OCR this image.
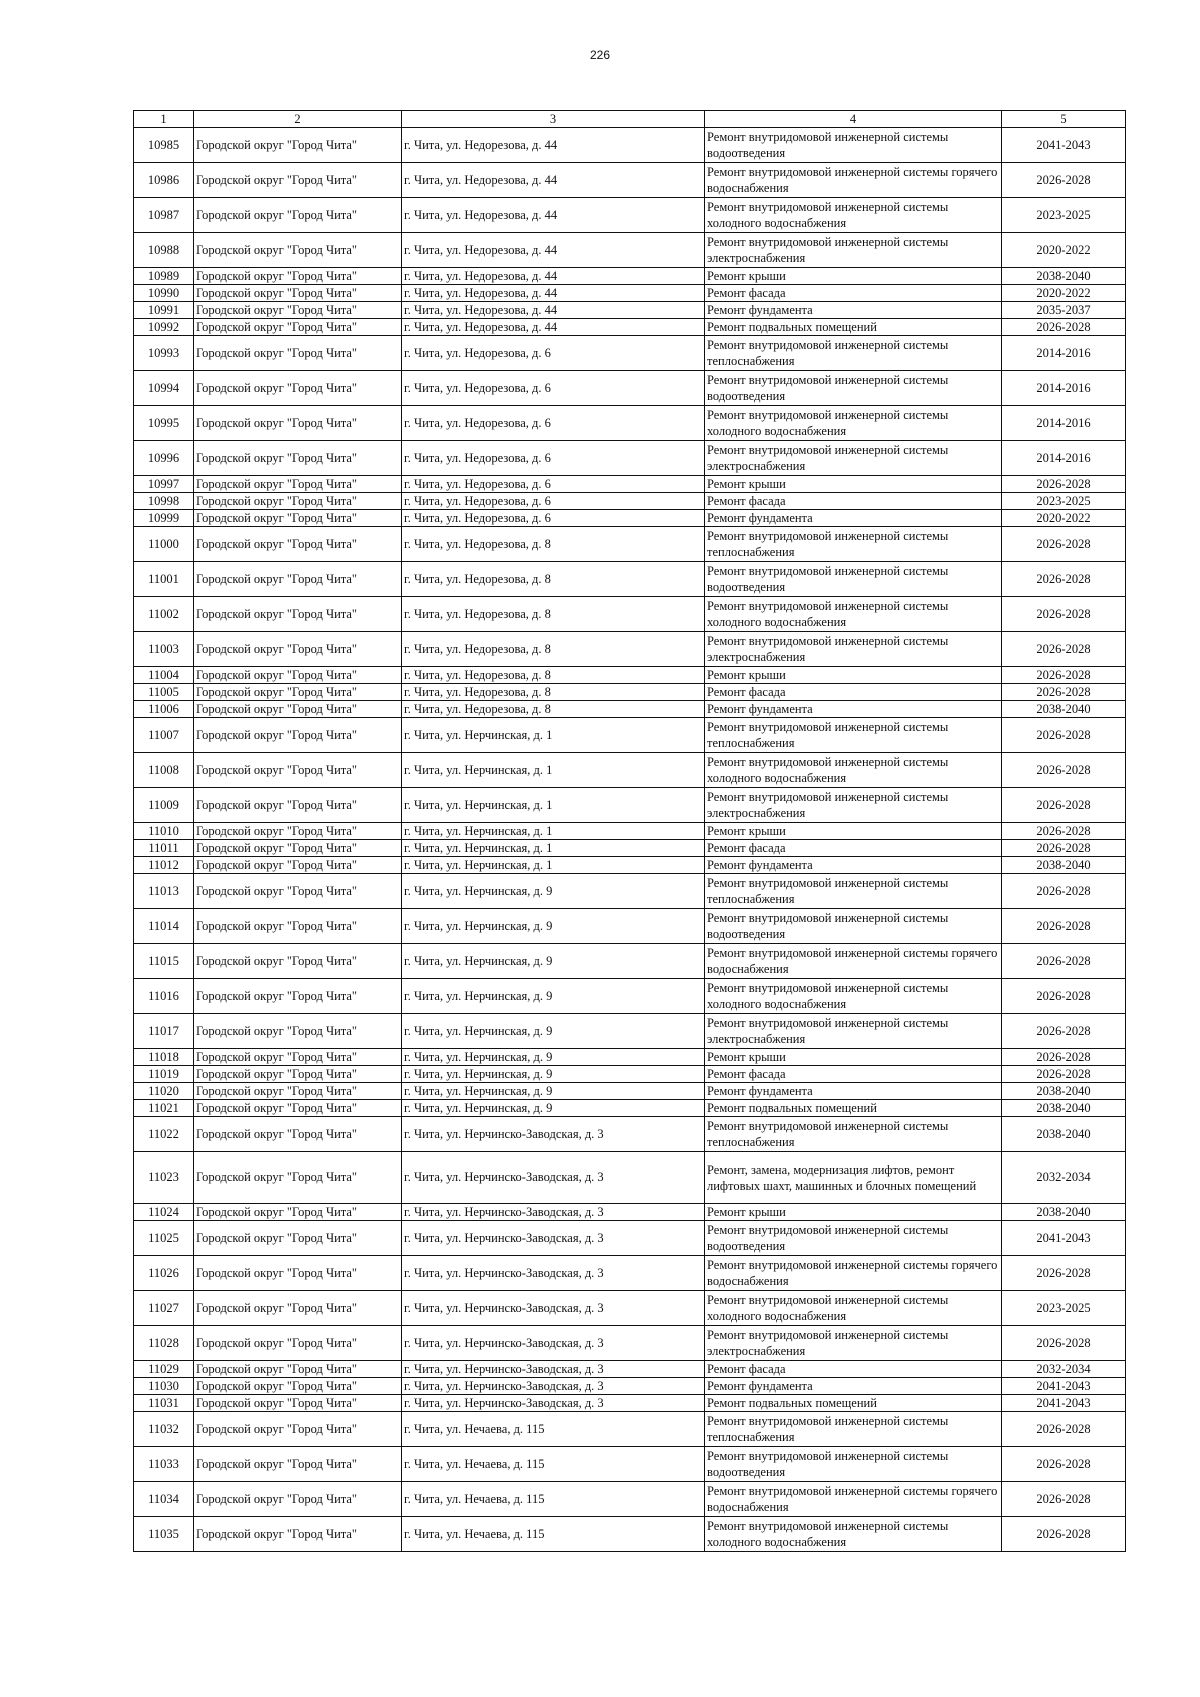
226
1	2	3	4	5
10985	Городской округ "Город Чита"	г. Чита, ул. Недорезова, д. 44	Ремонт внутридомовой инженерной системы водоотведения	2041-2043
10986	Городской округ "Город Чита"	г. Чита, ул. Недорезова, д. 44	Ремонт внутридомовой инженерной системы горячего водоснабжения	2026-2028
10987	Городской округ "Город Чита"	г. Чита, ул. Недорезова, д. 44	Ремонт внутридомовой инженерной системы холодного водоснабжения	2023-2025
10988	Городской округ "Город Чита"	г. Чита, ул. Недорезова, д. 44	Ремонт внутридомовой инженерной системы электроснабжения	2020-2022
10989	Городской округ "Город Чита"	г. Чита, ул. Недорезова, д. 44	Ремонт крыши	2038-2040
10990	Городской округ "Город Чита"	г. Чита, ул. Недорезова, д. 44	Ремонт фасада	2020-2022
10991	Городской округ "Город Чита"	г. Чита, ул. Недорезова, д. 44	Ремонт фундамента	2035-2037
10992	Городской округ "Город Чита"	г. Чита, ул. Недорезова, д. 44	Ремонт подвальных помещений	2026-2028
10993	Городской округ "Город Чита"	г. Чита, ул. Недорезова, д. 6	Ремонт внутридомовой инженерной системы теплоснабжения	2014-2016
10994	Городской округ "Город Чита"	г. Чита, ул. Недорезова, д. 6	Ремонт внутридомовой инженерной системы водоотведения	2014-2016
10995	Городской округ "Город Чита"	г. Чита, ул. Недорезова, д. 6	Ремонт внутридомовой инженерной системы холодного водоснабжения	2014-2016
10996	Городской округ "Город Чита"	г. Чита, ул. Недорезова, д. 6	Ремонт внутридомовой инженерной системы электроснабжения	2014-2016
10997	Городской округ "Город Чита"	г. Чита, ул. Недорезова, д. 6	Ремонт крыши	2026-2028
10998	Городской округ "Город Чита"	г. Чита, ул. Недорезова, д. 6	Ремонт фасада	2023-2025
10999	Городской округ "Город Чита"	г. Чита, ул. Недорезова, д. 6	Ремонт фундамента	2020-2022
11000	Городской округ "Город Чита"	г. Чита, ул. Недорезова, д. 8	Ремонт внутридомовой инженерной системы теплоснабжения	2026-2028
11001	Городской округ "Город Чита"	г. Чита, ул. Недорезова, д. 8	Ремонт внутридомовой инженерной системы водоотведения	2026-2028
11002	Городской округ "Город Чита"	г. Чита, ул. Недорезова, д. 8	Ремонт внутридомовой инженерной системы холодного водоснабжения	2026-2028
11003	Городской округ "Город Чита"	г. Чита, ул. Недорезова, д. 8	Ремонт внутридомовой инженерной системы электроснабжения	2026-2028
11004	Городской округ "Город Чита"	г. Чита, ул. Недорезова, д. 8	Ремонт крыши	2026-2028
11005	Городской округ "Город Чита"	г. Чита, ул. Недорезова, д. 8	Ремонт фасада	2026-2028
11006	Городской округ "Город Чита"	г. Чита, ул. Недорезова, д. 8	Ремонт фундамента	2038-2040
11007	Городской округ "Город Чита"	г. Чита, ул. Нерчинская, д. 1	Ремонт внутридомовой инженерной системы теплоснабжения	2026-2028
11008	Городской округ "Город Чита"	г. Чита, ул. Нерчинская, д. 1	Ремонт внутридомовой инженерной системы холодного водоснабжения	2026-2028
11009	Городской округ "Город Чита"	г. Чита, ул. Нерчинская, д. 1	Ремонт внутридомовой инженерной системы электроснабжения	2026-2028
11010	Городской округ "Город Чита"	г. Чита, ул. Нерчинская, д. 1	Ремонт крыши	2026-2028
11011	Городской округ "Город Чита"	г. Чита, ул. Нерчинская, д. 1	Ремонт фасада	2026-2028
11012	Городской округ "Город Чита"	г. Чита, ул. Нерчинская, д. 1	Ремонт фундамента	2038-2040
11013	Городской округ "Город Чита"	г. Чита, ул. Нерчинская, д. 9	Ремонт внутридомовой инженерной системы теплоснабжения	2026-2028
11014	Городской округ "Город Чита"	г. Чита, ул. Нерчинская, д. 9	Ремонт внутридомовой инженерной системы водоотведения	2026-2028
11015	Городской округ "Город Чита"	г. Чита, ул. Нерчинская, д. 9	Ремонт внутридомовой инженерной системы горячего водоснабжения	2026-2028
11016	Городской округ "Город Чита"	г. Чита, ул. Нерчинская, д. 9	Ремонт внутридомовой инженерной системы холодного водоснабжения	2026-2028
11017	Городской округ "Город Чита"	г. Чита, ул. Нерчинская, д. 9	Ремонт внутридомовой инженерной системы электроснабжения	2026-2028
11018	Городской округ "Город Чита"	г. Чита, ул. Нерчинская, д. 9	Ремонт крыши	2026-2028
11019	Городской округ "Город Чита"	г. Чита, ул. Нерчинская, д. 9	Ремонт фасада	2026-2028
11020	Городской округ "Город Чита"	г. Чита, ул. Нерчинская, д. 9	Ремонт фундамента	2038-2040
11021	Городской округ "Город Чита"	г. Чита, ул. Нерчинская, д. 9	Ремонт подвальных помещений	2038-2040
11022	Городской округ "Город Чита"	г. Чита, ул. Нерчинско-Заводская, д. 3	Ремонт внутридомовой инженерной системы теплоснабжения	2038-2040
11023	Городской округ "Город Чита"	г. Чита, ул. Нерчинско-Заводская, д. 3	Ремонт, замена, модернизация лифтов, ремонт лифтовых шахт, машинных и блочных помещений	2032-2034
11024	Городской округ "Город Чита"	г. Чита, ул. Нерчинско-Заводская, д. 3	Ремонт крыши	2038-2040
11025	Городской округ "Город Чита"	г. Чита, ул. Нерчинско-Заводская, д. 3	Ремонт внутридомовой инженерной системы водоотведения	2041-2043
11026	Городской округ "Город Чита"	г. Чита, ул. Нерчинско-Заводская, д. 3	Ремонт внутридомовой инженерной системы горячего водоснабжения	2026-2028
11027	Городской округ "Город Чита"	г. Чита, ул. Нерчинско-Заводская, д. 3	Ремонт внутридомовой инженерной системы холодного водоснабжения	2023-2025
11028	Городской округ "Город Чита"	г. Чита, ул. Нерчинско-Заводская, д. 3	Ремонт внутридомовой инженерной системы электроснабжения	2026-2028
11029	Городской округ "Город Чита"	г. Чита, ул. Нерчинско-Заводская, д. 3	Ремонт фасада	2032-2034
11030	Городской округ "Город Чита"	г. Чита, ул. Нерчинско-Заводская, д. 3	Ремонт фундамента	2041-2043
11031	Городской округ "Город Чита"	г. Чита, ул. Нерчинско-Заводская, д. 3	Ремонт подвальных помещений	2041-2043
11032	Городской округ "Город Чита"	г. Чита, ул. Нечаева, д. 115	Ремонт внутридомовой инженерной системы теплоснабжения	2026-2028
11033	Городской округ "Город Чита"	г. Чита, ул. Нечаева, д. 115	Ремонт внутридомовой инженерной системы водоотведения	2026-2028
11034	Городской округ "Город Чита"	г. Чита, ул. Нечаева, д. 115	Ремонт внутридомовой инженерной системы горячего водоснабжения	2026-2028
11035	Городской округ "Город Чита"	г. Чита, ул. Нечаева, д. 115	Ремонт внутридомовой инженерной системы холодного водоснабжения	2026-2028
